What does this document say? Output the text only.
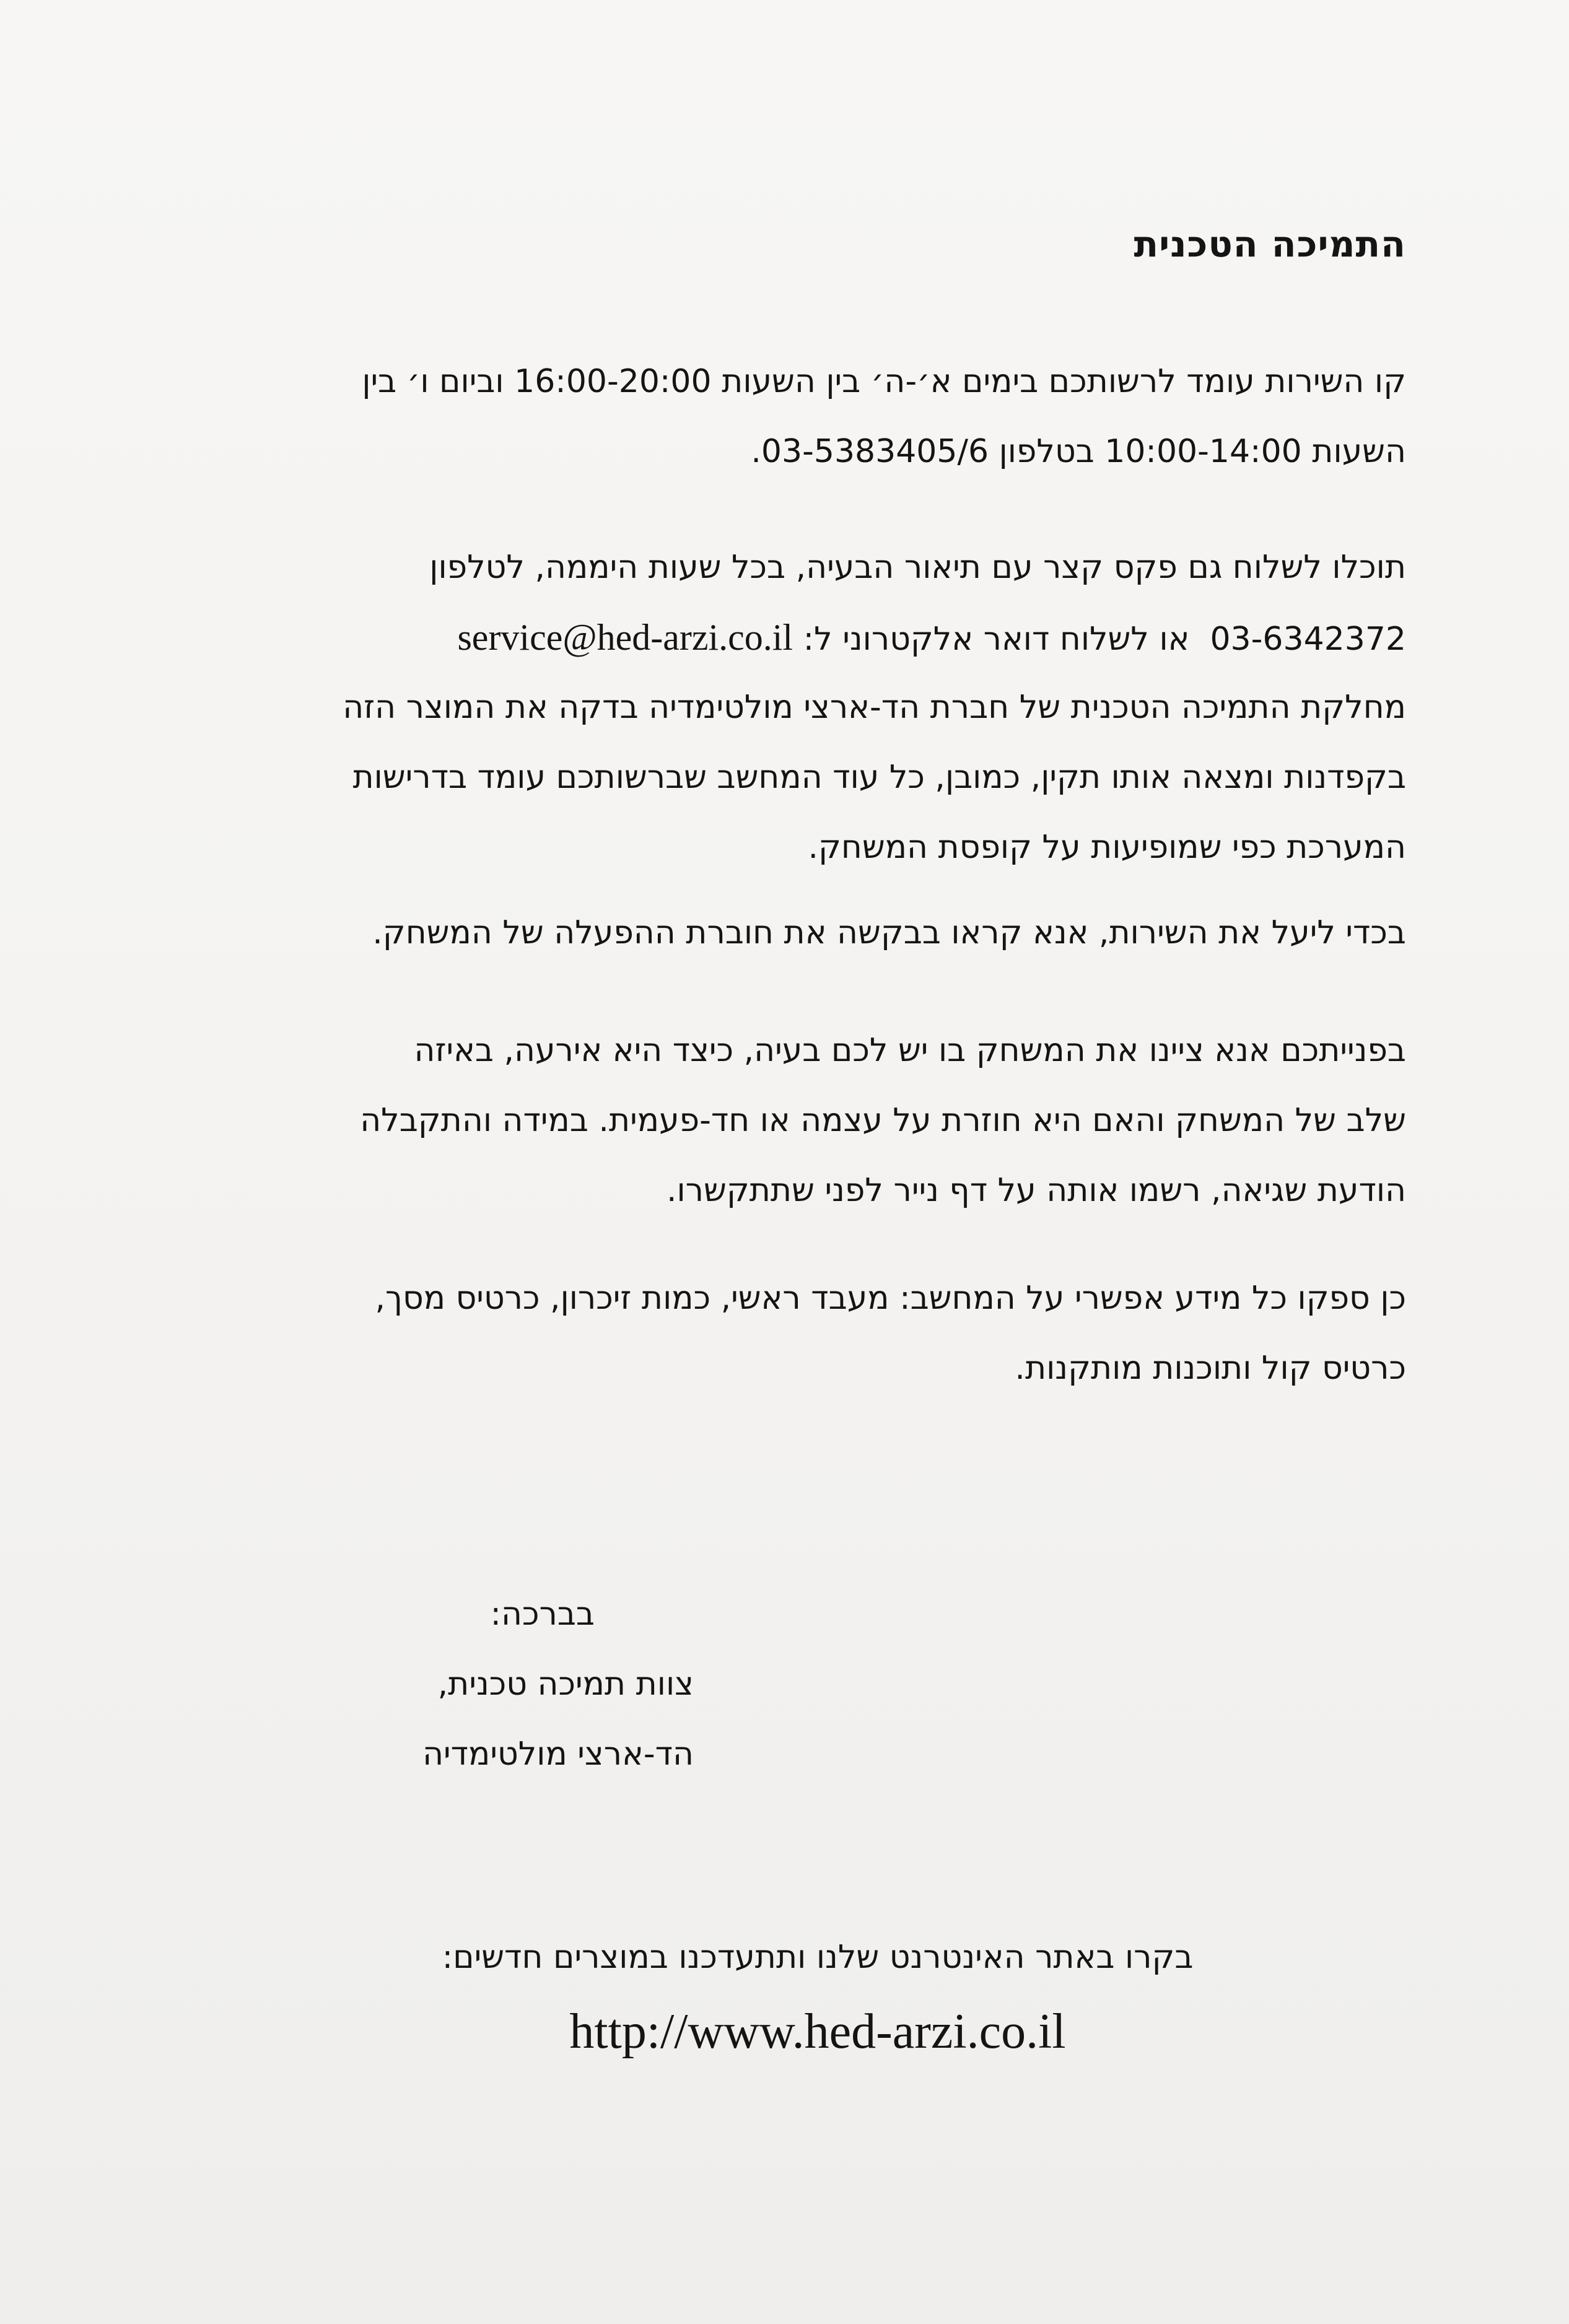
התמיכה הטכנית
קו השירות עומד לרשותכם בימים א׳-ה׳ בין השעות 16:00-20:00 וביום ו׳ בין
השעות 10:00-14:00 בטלפון 03-5383405/6.
תוכלו לשלוח גם פקס קצר עם תיאור הבעיה, בכל שעות היממה, לטלפון
03-6342372  או לשלוח דואר אלקטרוני ל: service@hed-arzi.co.il
מחלקת התמיכה הטכנית של חברת הד-ארצי מולטימדיה בדקה את המוצר הזה
בקפדנות ומצאה אותו תקין, כמובן, כל עוד המחשב שברשותכם עומד בדרישות
המערכת כפי שמופיעות על קופסת המשחק.
בכדי ליעל את השירות, אנא קראו בבקשה את חוברת ההפעלה של המשחק.
בפנייתכם אנא ציינו את המשחק בו יש לכם בעיה, כיצד היא אירעה, באיזה
שלב של המשחק והאם היא חוזרת על עצמה או חד-פעמית. במידה והתקבלה
הודעת שגיאה, רשמו אותה על דף נייר לפני שתתקשרו.
כן ספקו כל מידע אפשרי על המחשב: מעבד ראשי, כמות זיכרון, כרטיס מסך,
כרטיס קול ותוכנות מותקנות.
בברכה:
צוות תמיכה טכנית,
הד-ארצי מולטימדיה
בקרו באתר האינטרנט שלנו ותתעדכנו במוצרים חדשים:
http://www.hed-arzi.co.il
